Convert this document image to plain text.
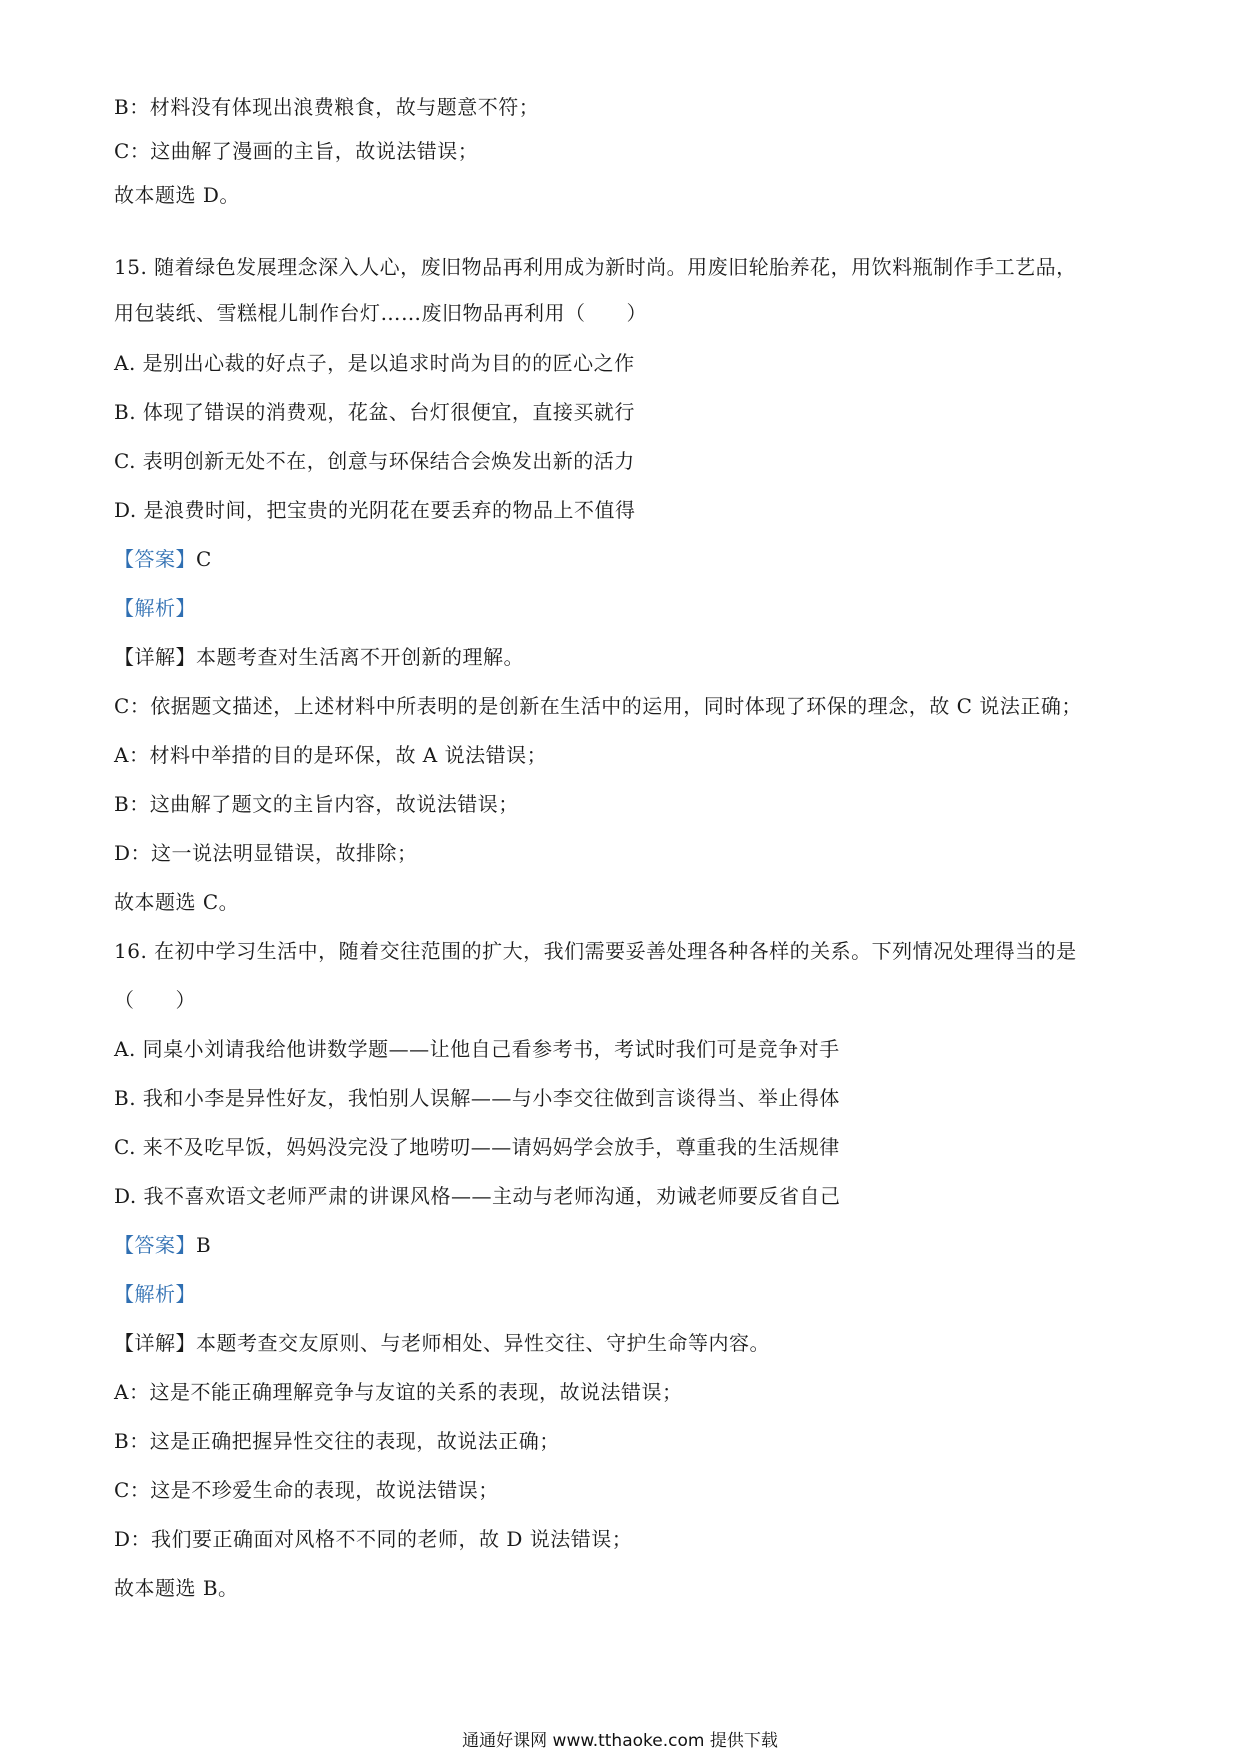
B：材料没有体现出浪费粮食，故与题意不符；
C：这曲解了漫画的主旨，故说法错误；
故本题选 D。
15. 随着绿色发展理念深入人心，废旧物品再利用成为新时尚。用废旧轮胎养花，用饮料瓶制作手工艺品，
用包装纸、雪糕棍儿制作台灯……废旧物品再利用（　　）
A. 是别出心裁的好点子，是以追求时尚为目的的匠心之作
B. 体现了错误的消费观，花盆、台灯很便宜，直接买就行
C. 表明创新无处不在，创意与环保结合会焕发出新的活力
D. 是浪费时间，把宝贵的光阴花在要丢弃的物品上不值得
【答案】C
【解析】
【详解】本题考查对生活离不开创新的理解。
C：依据题文描述，上述材料中所表明的是创新在生活中的运用，同时体现了环保的理念，故 C 说法正确；
A：材料中举措的目的是环保，故 A 说法错误；
B：这曲解了题文的主旨内容，故说法错误；
D：这一说法明显错误，故排除；
故本题选 C。
16. 在初中学习生活中，随着交往范围的扩大，我们需要妥善处理各种各样的关系。下列情况处理得当的是
（　　）
A. 同桌小刘请我给他讲数学题——让他自己看参考书，考试时我们可是竞争对手
B. 我和小李是异性好友，我怕别人误解——与小李交往做到言谈得当、举止得体
C. 来不及吃早饭，妈妈没完没了地唠叨——请妈妈学会放手，尊重我的生活规律
D. 我不喜欢语文老师严肃的讲课风格——主动与老师沟通，劝诫老师要反省自己
【答案】B
【解析】
【详解】本题考查交友原则、与老师相处、异性交往、守护生命等内容。
A：这是不能正确理解竞争与友谊的关系的表现，故说法错误；
B：这是正确把握异性交往的表现，故说法正确；
C：这是不珍爱生命的表现，故说法错误；
D：我们要正确面对风格不不同的老师，故 D 说法错误；
故本题选 B。
通通好课网 www.tthaoke.com 提供下载
